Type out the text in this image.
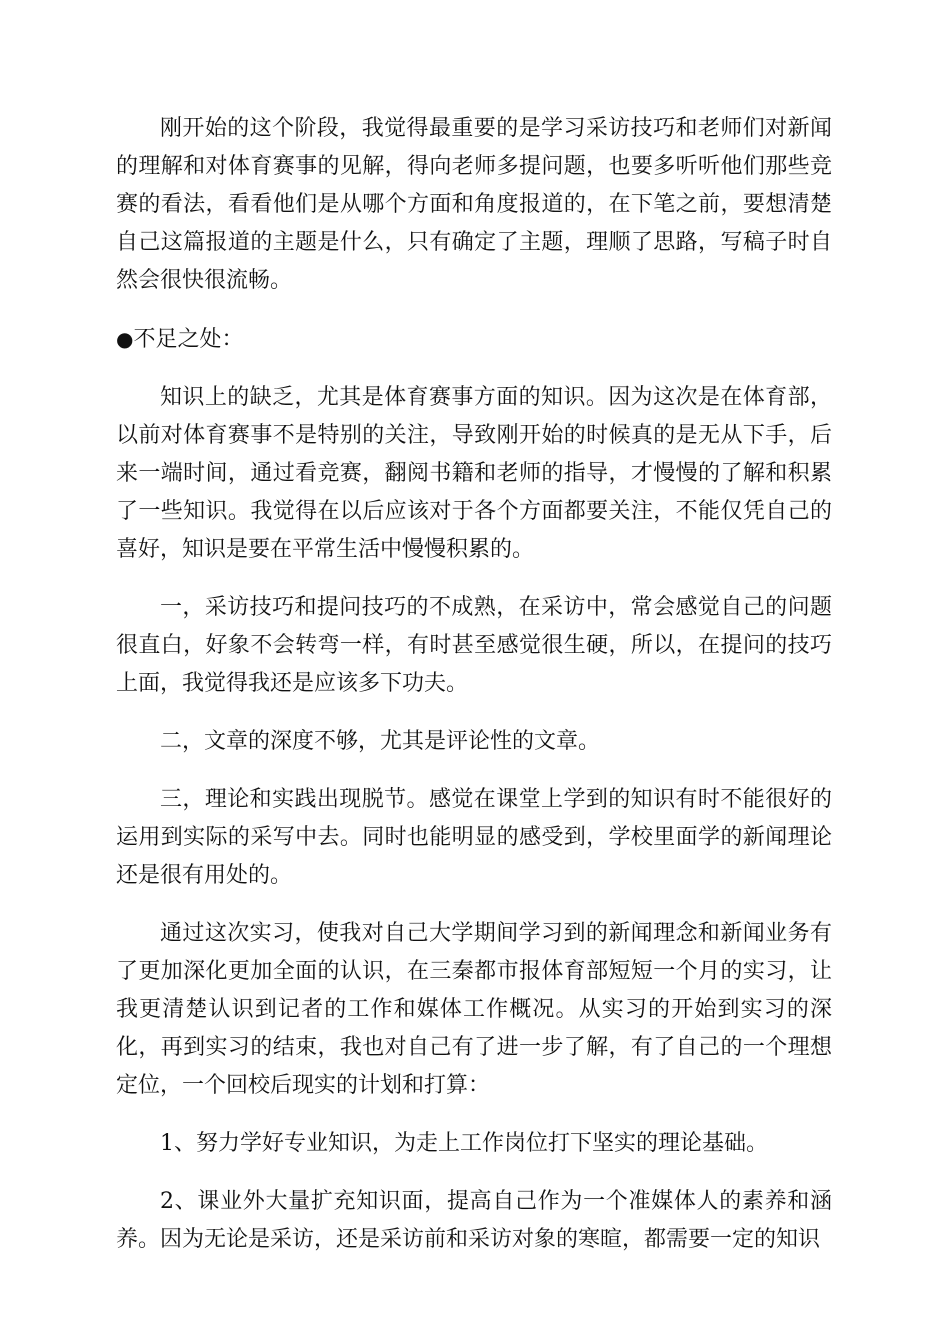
刚开始的这个阶段，我觉得最重要的是学习采访技巧和老师们对新闻的理解和对体育赛事的见解，得向老师多提问题，也要多听听他们那些竞赛的看法，看看他们是从哪个方面和角度报道的，在下笔之前，要想清楚自己这篇报道的主题是什么，只有确定了主题，理顺了思路，写稿子时自然会很快很流畅。

●不足之处：

知识上的缺乏，尤其是体育赛事方面的知识。因为这次是在体育部，以前对体育赛事不是特别的关注，导致刚开始的时候真的是无从下手，后来一端时间，通过看竞赛，翻阅书籍和老师的指导，才慢慢的了解和积累了一些知识。我觉得在以后应该对于各个方面都要关注，不能仅凭自己的喜好，知识是要在平常生活中慢慢积累的。

一，采访技巧和提问技巧的不成熟，在采访中，常会感觉自己的问题很直白，好象不会转弯一样，有时甚至感觉很生硬，所以，在提问的技巧上面，我觉得我还是应该多下功夫。

二，文章的深度不够，尤其是评论性的文章。

三，理论和实践出现脱节。感觉在课堂上学到的知识有时不能很好的运用到实际的采写中去。同时也能明显的感受到，学校里面学的新闻理论还是很有用处的。

通过这次实习，使我对自己大学期间学习到的新闻理念和新闻业务有了更加深化更加全面的认识，在三秦都市报体育部短短一个月的实习，让我更清楚认识到记者的工作和媒体工作概况。从实习的开始到实习的深化，再到实习的结束，我也对自己有了进一步了解，有了自己的一个理想定位，一个回校后现实的计划和打算：

1、努力学好专业知识，为走上工作岗位打下坚实的理论基础。

2、课业外大量扩充知识面，提高自己作为一个准媒体人的素养和涵养。因为无论是采访，还是采访前和采访对象的寒暄，都需要一定的知识
